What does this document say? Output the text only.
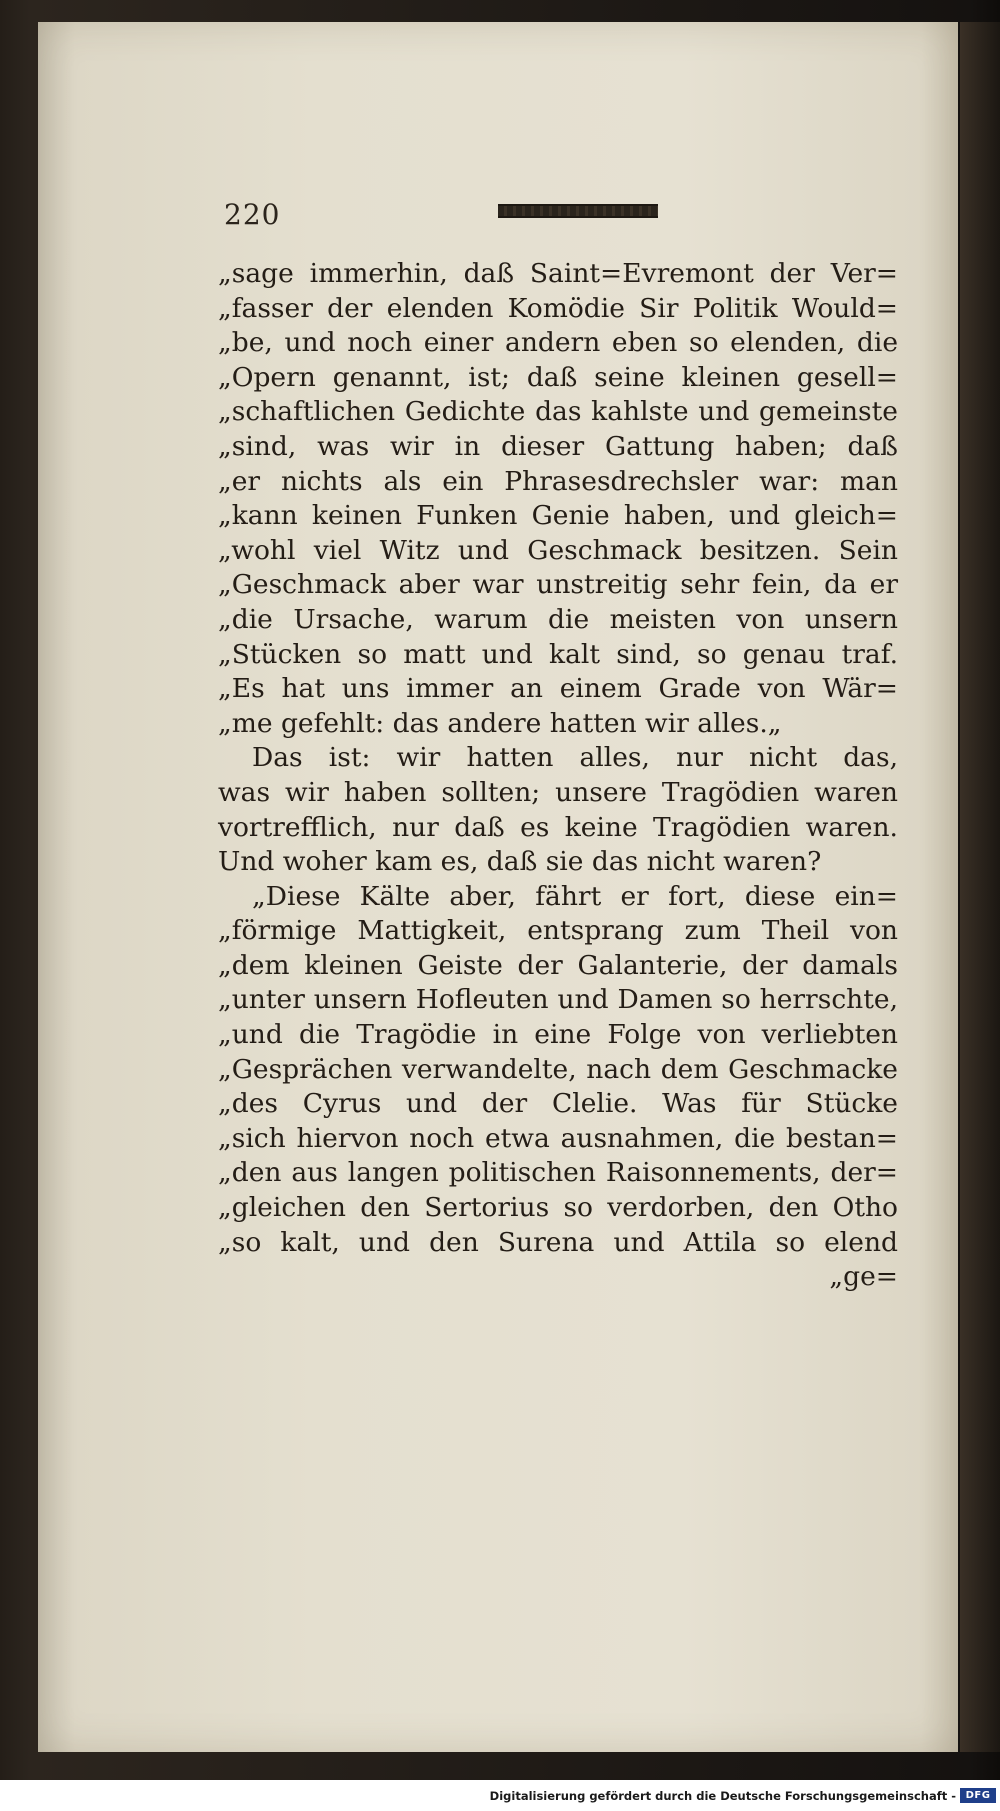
220
„sage immerhin, daß Saint=Evremont der Ver=
„fasser der elenden Komödie Sir Politik Would=
„be, und noch einer andern eben so elenden, die
„Opern genannt, ist; daß seine kleinen gesell=
„schaftlichen Gedichte das kahlste und gemeinste
„sind, was wir in dieser Gattung haben; daß
„er nichts als ein Phrasesdrechsler war: man
„kann keinen Funken Genie haben, und gleich=
„wohl viel Witz und Geschmack besitzen. Sein
„Geschmack aber war unstreitig sehr fein, da er
„die Ursache, warum die meisten von unsern
„Stücken so matt und kalt sind, so genau traf.
„Es hat uns immer an einem Grade von Wär=
„me gefehlt: das andere hatten wir alles.„
Das ist: wir hatten alles, nur nicht das,
was wir haben sollten; unsere Tragödien waren
vortrefflich, nur daß es keine Tragödien waren.
Und woher kam es, daß sie das nicht waren?
„Diese Kälte aber, fährt er fort, diese ein=
„förmige Mattigkeit, entsprang zum Theil von
„dem kleinen Geiste der Galanterie, der damals
„unter unsern Hofleuten und Damen so herrschte,
„und die Tragödie in eine Folge von verliebten
„Gesprächen verwandelte, nach dem Geschmacke
„des Cyrus und der Clelie. Was für Stücke
„sich hiervon noch etwa ausnahmen, die bestan=
„den aus langen politischen Raisonnements, der=
„gleichen den Sertorius so verdorben, den Otho
„so kalt, und den Surena und Attila so elend
„ge=
Digitalisierung gefördert durch die Deutsche Forschungsgemeinschaft - DFG
